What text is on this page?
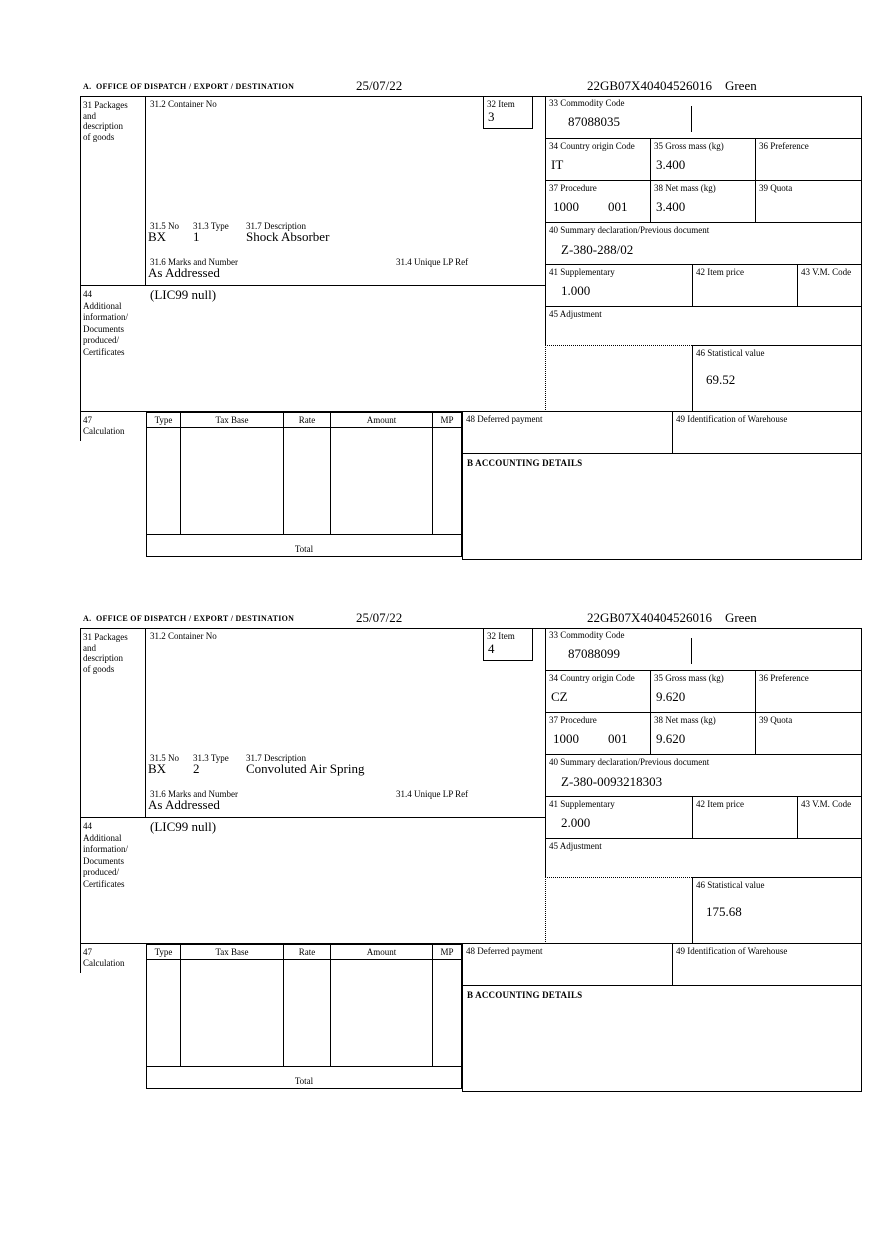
A.  OFFICE OF DISPATCH / EXPORT / DESTINATION	25/07/22	22GB07X40404526016 Green
31 Packages
and
description
of goods
31.2 Container No	32 Item
3
33 Commodity Code
87088035
34 Country origin Code
IT
35 Gross mass (kg)
3.400
36 Preference
37 Procedure
1000 001
38 Net mass (kg)
3.400
39 Quota
31.5 No 31.3 Type 31.7 Description
BX 1	Shock Absorber	40 Summary declaration/Previous document
Z-380-288/02
31.6 Marks and Number	31.4 Unique LP Ref
As Addressed	41 Supplementary
1.000
42 Item price	43 V.M. Code
44
Additional
information/
Documents
produced/
Certificates
(LIC99 null)
45 Adjustment
46 Statistical value
69.52
47
Calculation
Type	Tax Base	Rate	Amount	MP
Total
48 Deferred payment	49 Identification of Warehouse
B ACCOUNTING DETAILS
A.  OFFICE OF DISPATCH / EXPORT / DESTINATION	25/07/22	22GB07X40404526016 Green
31 Packages
and
description
of goods
31.2 Container No	32 Item
4
33 Commodity Code
87088099
34 Country origin Code
CZ
35 Gross mass (kg)
9.620
36 Preference
37 Procedure
1000 001
38 Net mass (kg)
9.620
39 Quota
31.5 No 31.3 Type 31.7 Description
BX 2	Convoluted Air Spring	40 Summary declaration/Previous document
Z-380-0093218303
31.6 Marks and Number	31.4 Unique LP Ref
As Addressed	41 Supplementary
2.000
42 Item price	43 V.M. Code
44
Additional
information/
Documents
produced/
Certificates
(LIC99 null)
45 Adjustment
46 Statistical value
175.68
47
Calculation
Type	Tax Base	Rate	Amount	MP
Total
48 Deferred payment	49 Identification of Warehouse
B ACCOUNTING DETAILS
